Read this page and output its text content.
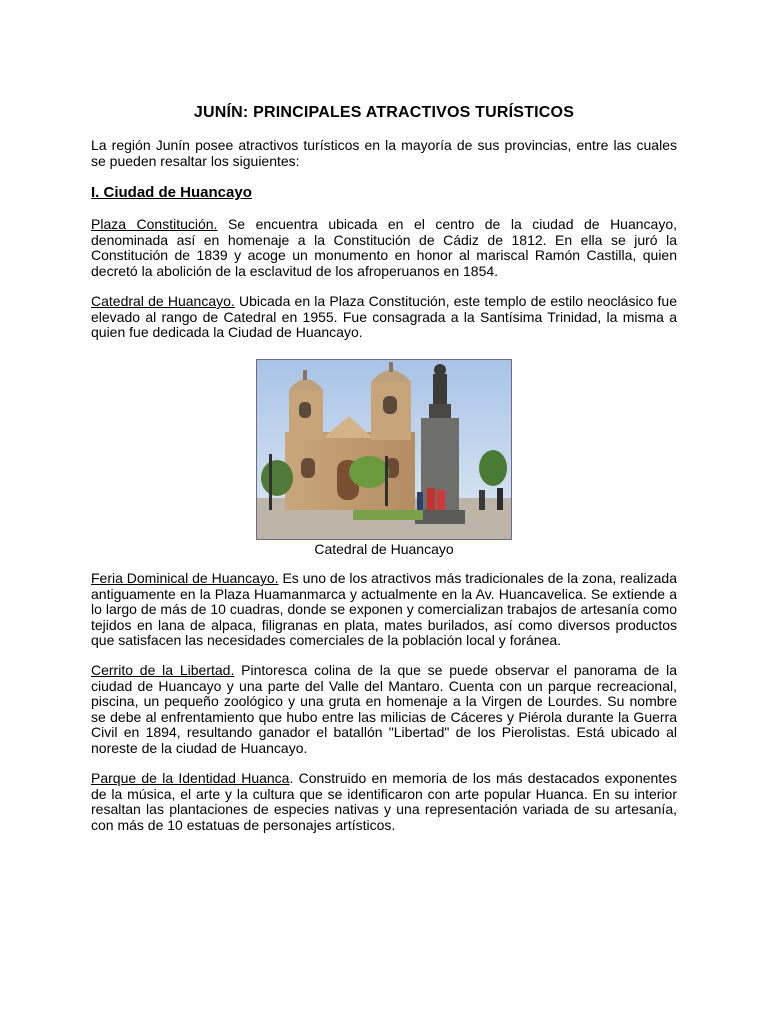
JUNÍN: PRINCIPALES ATRACTIVOS TURÍSTICOS

La región Junín posee atractivos turísticos en la mayoría de sus provincias, entre las cuales se pueden resaltar los siguientes:

I. Ciudad de Huancayo

Plaza Constitución. Se encuentra ubicada en el centro de la ciudad de Huancayo, denominada así en homenaje a la Constitución de Cádiz de 1812. En ella se juró la Constitución de 1839 y acoge un monumento en honor al mariscal Ramón Castilla, quien decretó la abolición de la esclavitud de los afroperuanos en 1854.

Catedral de Huancayo. Ubicada en la Plaza Constitución, este templo de estilo neoclásico fue elevado al rango de Catedral en 1955. Fue consagrada a la Santísima Trinidad, la misma a quien fue dedicada la Ciudad de Huancayo.

Catedral de Huancayo

Feria Dominical de Huancayo. Es uno de los atractivos más tradicionales de la zona, realizada antiguamente en la Plaza Huamanmarca y actualmente en la Av. Huancavelica. Se extiende a lo largo de más de 10 cuadras, donde se exponen y comercializan trabajos de artesanía como tejidos en lana de alpaca, filigranas en plata, mates burilados, así como diversos productos que satisfacen las necesidades comerciales de la población local y foránea.

Cerrito de la Libertad. Pintoresca colina de la que se puede observar el panorama de la ciudad de Huancayo y una parte del Valle del Mantaro. Cuenta con un parque recreacional, piscina, un pequeño zoológico y una gruta en homenaje a la Virgen de Lourdes. Su nombre se debe al enfrentamiento que hubo entre las milicias de Cáceres y Piérola durante la Guerra Civil en 1894, resultando ganador el batallón "Libertad" de los Pierolistas. Está ubicado al noreste de la ciudad de Huancayo.

Parque de la Identidad Huanca. Construido en memoria de los más destacados exponentes de la música, el arte y la cultura que se identificaron con arte popular Huanca. En su interior resaltan las plantaciones de especies nativas y una representación variada de su artesanía, con más de 10 estatuas de personajes artísticos.
